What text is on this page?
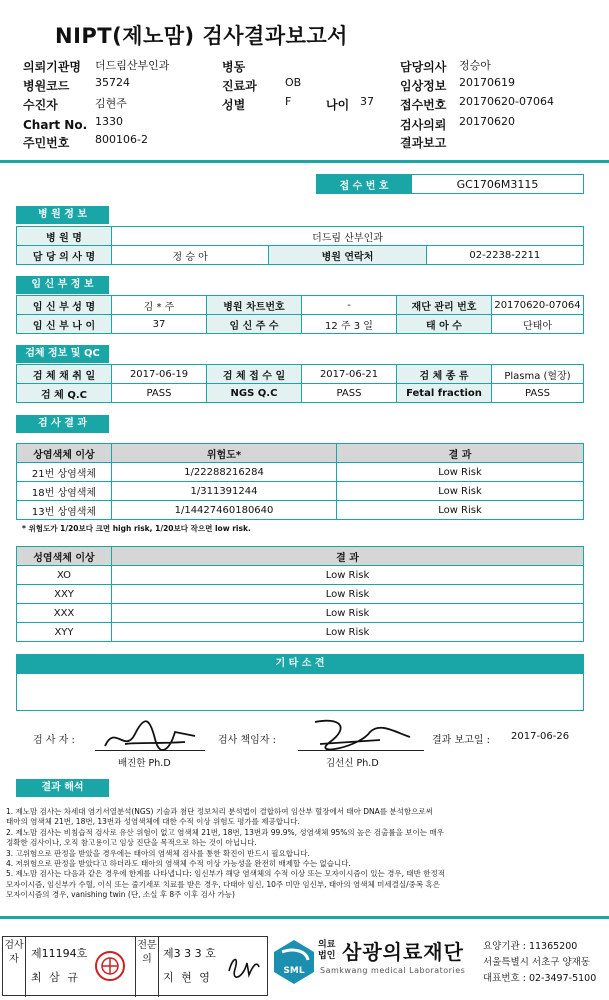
NIPT(제노맘) 검사결과보고서
의뢰기관명 더드림산부인과
병원코드 35724
수진자	김현주
Chart No. 1330
주민번호 800106-2
병동
진료과	OB
성별	F	나이 37
담당의사 정승아
임상정보 20170619
접수번호 20170620-07064
검사의뢰 20170620
결과보고
접 수 번 호	GC1706M3115
병 원 정 보
병 원 명	더드림 산부인과		
담 당 의 사 명	정 승 아	병원 연락처	02-2238-2211
임 신 부 정 보
임 신 부 성 명	김 * 주	병원 차트번호	-	재단 관리 번호	20170620-07064
임 신 부 나 이	37	임 신 주 수	12 주 3 일	태 아 수	단태아
검체 정보 및 QC
검 체 채 취 일	2017-06-19	검 체 접 수 일	2017-06-21	검 체 종 류	Plasma (혈장)
검 체 Q.C	PASS	NGS Q.C	PASS	Fetal fraction	PASS
검 사 결 과
상염색체 이상	위험도*	결 과
21번 상염색체	1/22288216284	Low Risk
18번 상염색체	1/311391244	Low Risk
13번 상염색체	1/14427460180640	Low Risk
* 위험도가 1/20보다 크면 high risk, 1/20보다 작으면 low risk.
성염색체 이상	결 과
XO	Low Risk
XXY	Low Risk
XXX	Low Risk
XYY	Low Risk
기 타 소 견
검 사 자 :
배진한 Ph.D
검사 책임자 :
김선신 Ph.D
결과 보고일 : 2017-06-26
결과 해석
1. 제노맘 검사는 차세대 염기서열분석(NGS) 기술과 첨단 정보처리 분석법이 결합하여 임산부 혈장에서 태아 DNA를 분석함으로써
태아의 염색체 21번, 18번, 13번과 성염색체에 대한 수적 이상 위험도 평가를 제공합니다.
2. 제노맘 검사는 비침습적 검사로 유산 위험이 없고 염색체 21번, 18번, 13번과 99.9%, 성염색체 95%의 높은 검출률을 보이는 매우
정확한 검사이나, 오직 참고용이고 임상 진단을 목적으로 하는 것이 아닙니다.
3. 고위험으로 판정을 받았을 경우에는 태아의 염색체 검사를 통한 확진이 반드시 필요합니다.
4. 저위험으로 판정을 받았다고 하더라도 태아의 염색체 수적 이상 가능성을 완전히 배제할 수는 없습니다.
5. 제노맘 검사는 다음과 같은 경우에 한계를 나타냅니다: 임신부가 해당 염색체의 수적 이상 또는 모자이시즘이 있는 경우, 태반 한정적
모자이시즘, 임신부가 수혈, 이식 또는 줄기세포 치료를 받은 경우, 다태아 임신, 10주 미만 임신부, 태아의 염색체 미세결실/중복 혹은
모자이시즘의 경우, vanishing twin (단, 소실 후 8주 이후 검사 가능)
검사자	제11194호
최 삼 규
전문의	제3 3 3 호
지 현 영	SML
의료
법인 삼광의료재단
Samkwang medical Laboratories
요양기관 : 11365200
서울특별시 서초구 양재동
대표번호 : 02-3497-5100
